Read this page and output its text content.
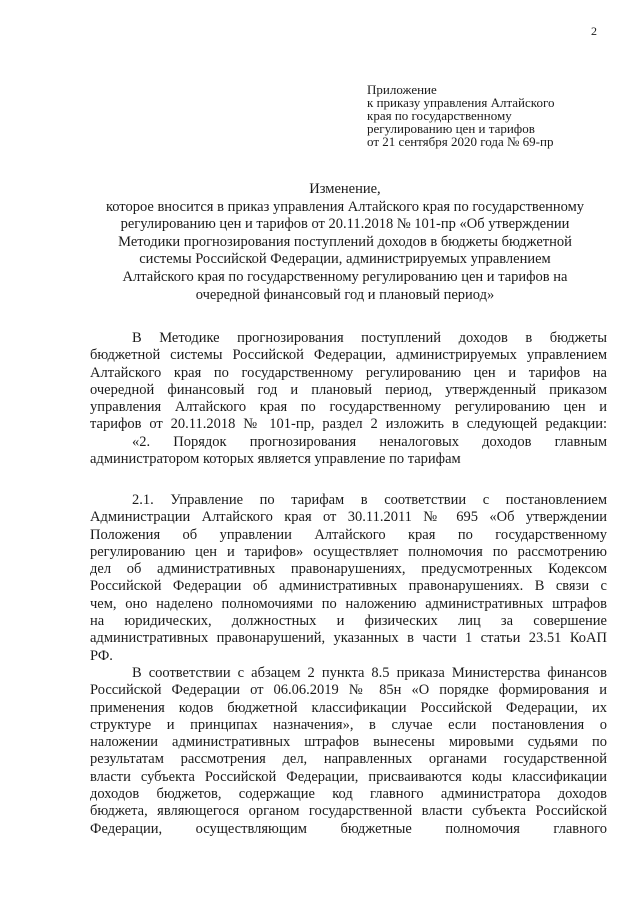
2
Приложение
к приказу управления Алтайского
края по государственному
регулированию цен и тарифов
от 21 сентября 2020 года № 69-пр
Изменение,
которое вносится в приказ управления Алтайского края по государственному
регулированию цен и тарифов от 20.11.2018 № 101-пр «Об утверждении
Методики прогнозирования поступлений доходов в бюджеты бюджетной
системы Российской Федерации, администрируемых управлением
Алтайского края по государственному регулированию цен и тарифов на
очередной финансовый год и плановый период»
В Методике прогнозирования поступлений доходов в бюджеты
бюджетной системы Российской Федерации, администрируемых управлением
Алтайского края по государственному регулированию цен и тарифов на
очередной финансовый год и плановый период, утвержденный приказом
управления Алтайского края по государственному регулированию цен и
тарифов от 20.11.2018 № 101-пр, раздел 2 изложить в следующей редакции:
«2. Порядок прогнозирования неналоговых доходов главным
администратором которых является управление по тарифам
2.1. Управление по тарифам в соответствии с постановлением
Администрации Алтайского края от 30.11.2011 № 695 «Об утверждении
Положения об управлении Алтайского края по государственному
регулированию цен и тарифов» осуществляет полномочия по рассмотрению
дел об административных правонарушениях, предусмотренных Кодексом
Российской Федерации об административных правонарушениях. В связи с
чем, оно наделено полномочиями по наложению административных штрафов
на юридических, должностных и физических лиц за совершение
административных правонарушений, указанных в части 1 статьи 23.51 КоАП
РФ.
В соответствии с абзацем 2 пункта 8.5 приказа Министерства финансов
Российской Федерации от 06.06.2019 № 85н «О порядке формирования и
применения кодов бюджетной классификации Российской Федерации, их
структуре и принципах назначения», в случае если постановления о
наложении административных штрафов вынесены мировыми судьями по
результатам рассмотрения дел, направленных органами государственной
власти субъекта Российской Федерации, присваиваются коды классификации
доходов бюджетов, содержащие код главного администратора доходов
бюджета, являющегося органом государственной власти субъекта Российской
Федерации, осуществляющим бюджетные полномочия главного
